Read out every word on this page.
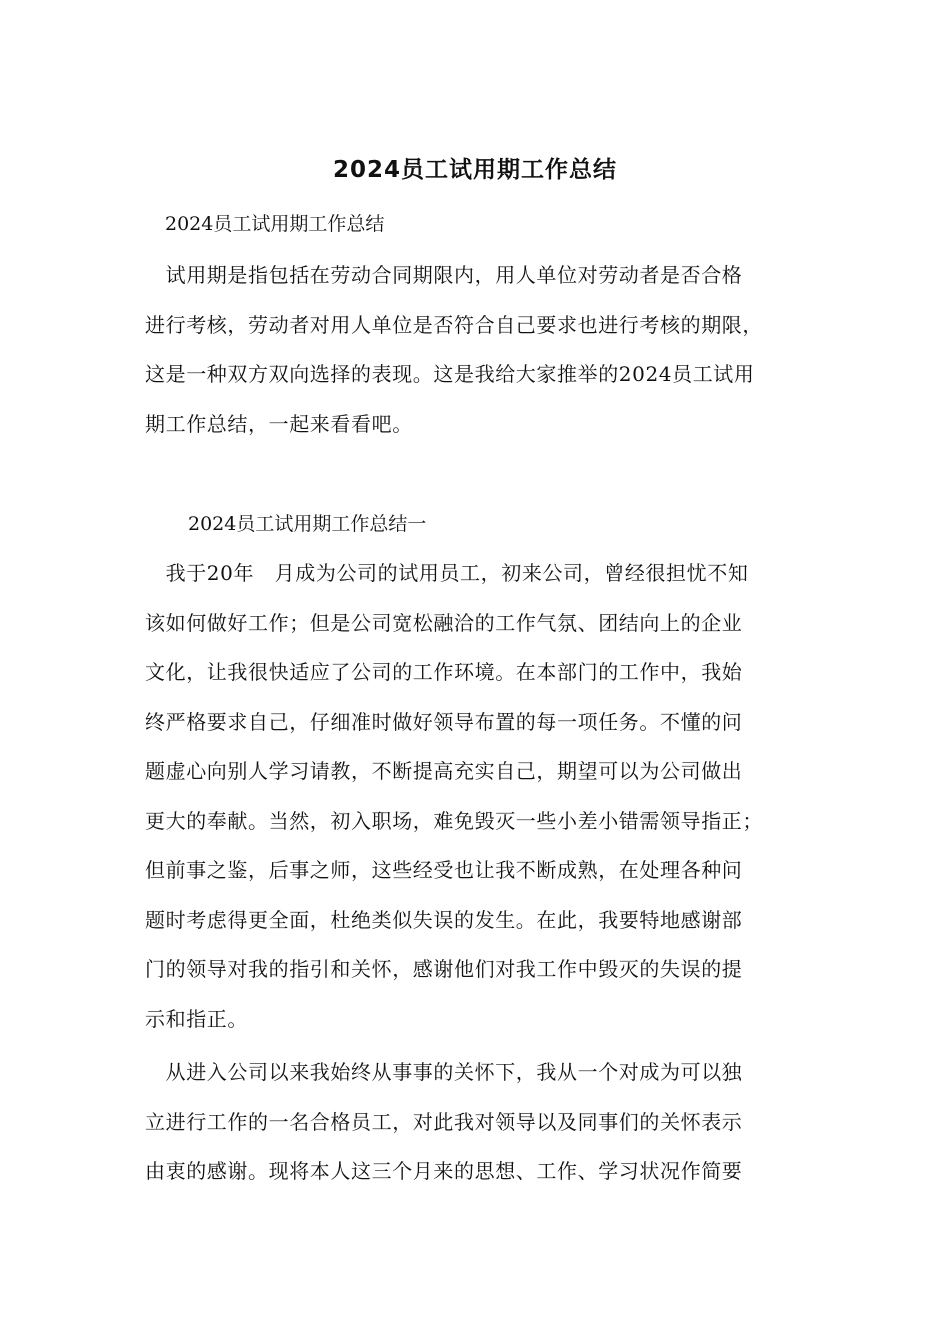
2024员工试用期工作总结
2024员工试用期工作总结
　试用期是指包括在劳动合同期限内，用人单位对劳动者是否合格
进行考核，劳动者对用人单位是否符合自己要求也进行考核的期限，
这是一种双方双向选择的表现。这是我给大家推举的2024员工试用
期工作总结，一起来看看吧。
2024员工试用期工作总结一
　我于20年　月成为公司的试用员工，初来公司，曾经很担忧不知
该如何做好工作；但是公司宽松融洽的工作气氛、团结向上的企业
文化，让我很快适应了公司的工作环境。在本部门的工作中，我始
终严格要求自己，仔细准时做好领导布置的每一项任务。不懂的问
题虚心向别人学习请教，不断提高充实自己，期望可以为公司做出
更大的奉献。当然，初入职场，难免毁灭一些小差小错需领导指正；
但前事之鉴，后事之师，这些经受也让我不断成熟，在处理各种问
题时考虑得更全面，杜绝类似失误的发生。在此，我要特地感谢部
门的领导对我的指引和关怀，感谢他们对我工作中毁灭的失误的提
示和指正。
　从进入公司以来我始终从事事的关怀下，我从一个对成为可以独
立进行工作的一名合格员工，对此我对领导以及同事们的关怀表示
由衷的感谢。现将本人这三个月来的思想、工作、学习状况作简要
